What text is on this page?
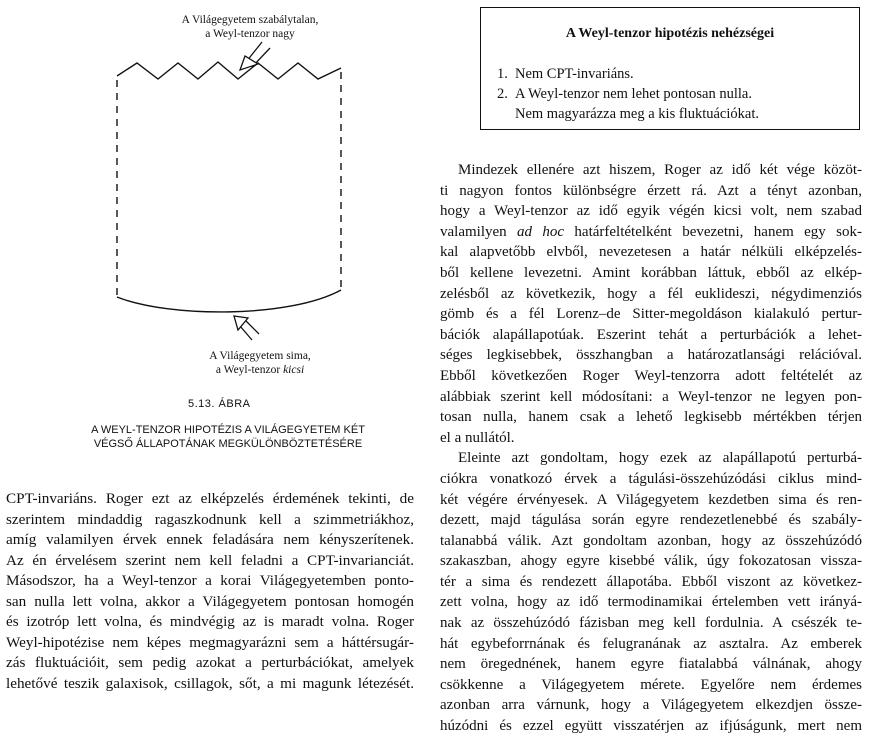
A Világegyetem szabálytalan,
a Weyl-tenzor nagy
A Világegyetem sima,
a Weyl-tenzor kicsi
5.13. ÁBRA
A WEYL-TENZOR HIPOTÉZIS A VILÁGEGYETEM KÉT
VÉGSŐ ÁLLAPOTÁNAK MEGKÜLÖNBÖZTETÉSÉRE
A Weyl-tenzor hipotézis nehézségei
1. Nem CPT-invariáns.
2. A Weyl-tenzor nem lehet pontosan nulla.
Nem magyarázza meg a kis fluktuációkat.
Mindezek ellenére azt hiszem, Roger az idő két vége közöt-
ti nagyon fontos különbségre érzett rá. Azt a tényt azonban,
hogy a Weyl-tenzor az idő egyik végén kicsi volt, nem szabad
valamilyen ad hoc határfeltételként bevezetni, hanem egy sok-
kal alapvetőbb elvből, nevezetesen a határ nélküli elképzelés-
ből kellene levezetni. Amint korábban láttuk, ebből az elkép-
zelésből az következik, hogy a fél euklideszi, négydimenziós
gömb és a fél Lorenz–de Sitter-megoldáson kialakuló pertur-
bációk alapállapotúak. Eszerint tehát a perturbációk a lehet-
séges legkisebbek, összhangban a határozatlansági relációval.
Ebből következően Roger Weyl-tenzorra adott feltételét az
alábbiak szerint kell módosítani: a Weyl-tenzor ne legyen pon-
tosan nulla, hanem csak a lehető legkisebb mértékben térjen
el a nullától.
Eleinte azt gondoltam, hogy ezek az alapállapotú perturbá-
ciókra vonatkozó érvek a tágulási-összehúzódási ciklus mind-
két végére érvényesek. A Világegyetem kezdetben sima és ren-
dezett, majd tágulása során egyre rendezetlenebbé és szabály-
talanabbá válik. Azt gondoltam azonban, hogy az összehúzódó
szakaszban, ahogy egyre kisebbé válik, úgy fokozatosan vissza-
tér a sima és rendezett állapotába. Ebből viszont az következ-
zett volna, hogy az idő termodinamikai értelemben vett irányá-
nak az összehúzódó fázisban meg kell fordulnia. A csészék te-
hát egybeforrnának és felugranának az asztalra. Az emberek
nem öregednének, hanem egyre fiatalabbá válnának, ahogy
csökkenne a Világegyetem mérete. Egyelőre nem érdemes
azonban arra várnunk, hogy a Világegyetem elkezdjen össze-
húzódni és ezzel együtt visszatérjen az ifjúságunk, mert nem
CPT-invariáns. Roger ezt az elképzelés érdemének tekinti, de
szerintem mindaddig ragaszkodnunk kell a szimmetriákhoz,
amíg valamilyen érvek ennek feladására nem kényszerítenek.
Az én érvelésem szerint nem kell feladni a CPT-invarianciát.
Másodszor, ha a Weyl-tenzor a korai Világegyetemben ponto-
san nulla lett volna, akkor a Világegyetem pontosan homogén
és izotróp lett volna, és mindvégig az is maradt volna. Roger
Weyl-hipotézise nem képes megmagyarázni sem a háttérsugár-
zás fluktuációit, sem pedig azokat a perturbációkat, amelyek
lehetővé teszik galaxisok, csillagok, sőt, a mi magunk létezését.
